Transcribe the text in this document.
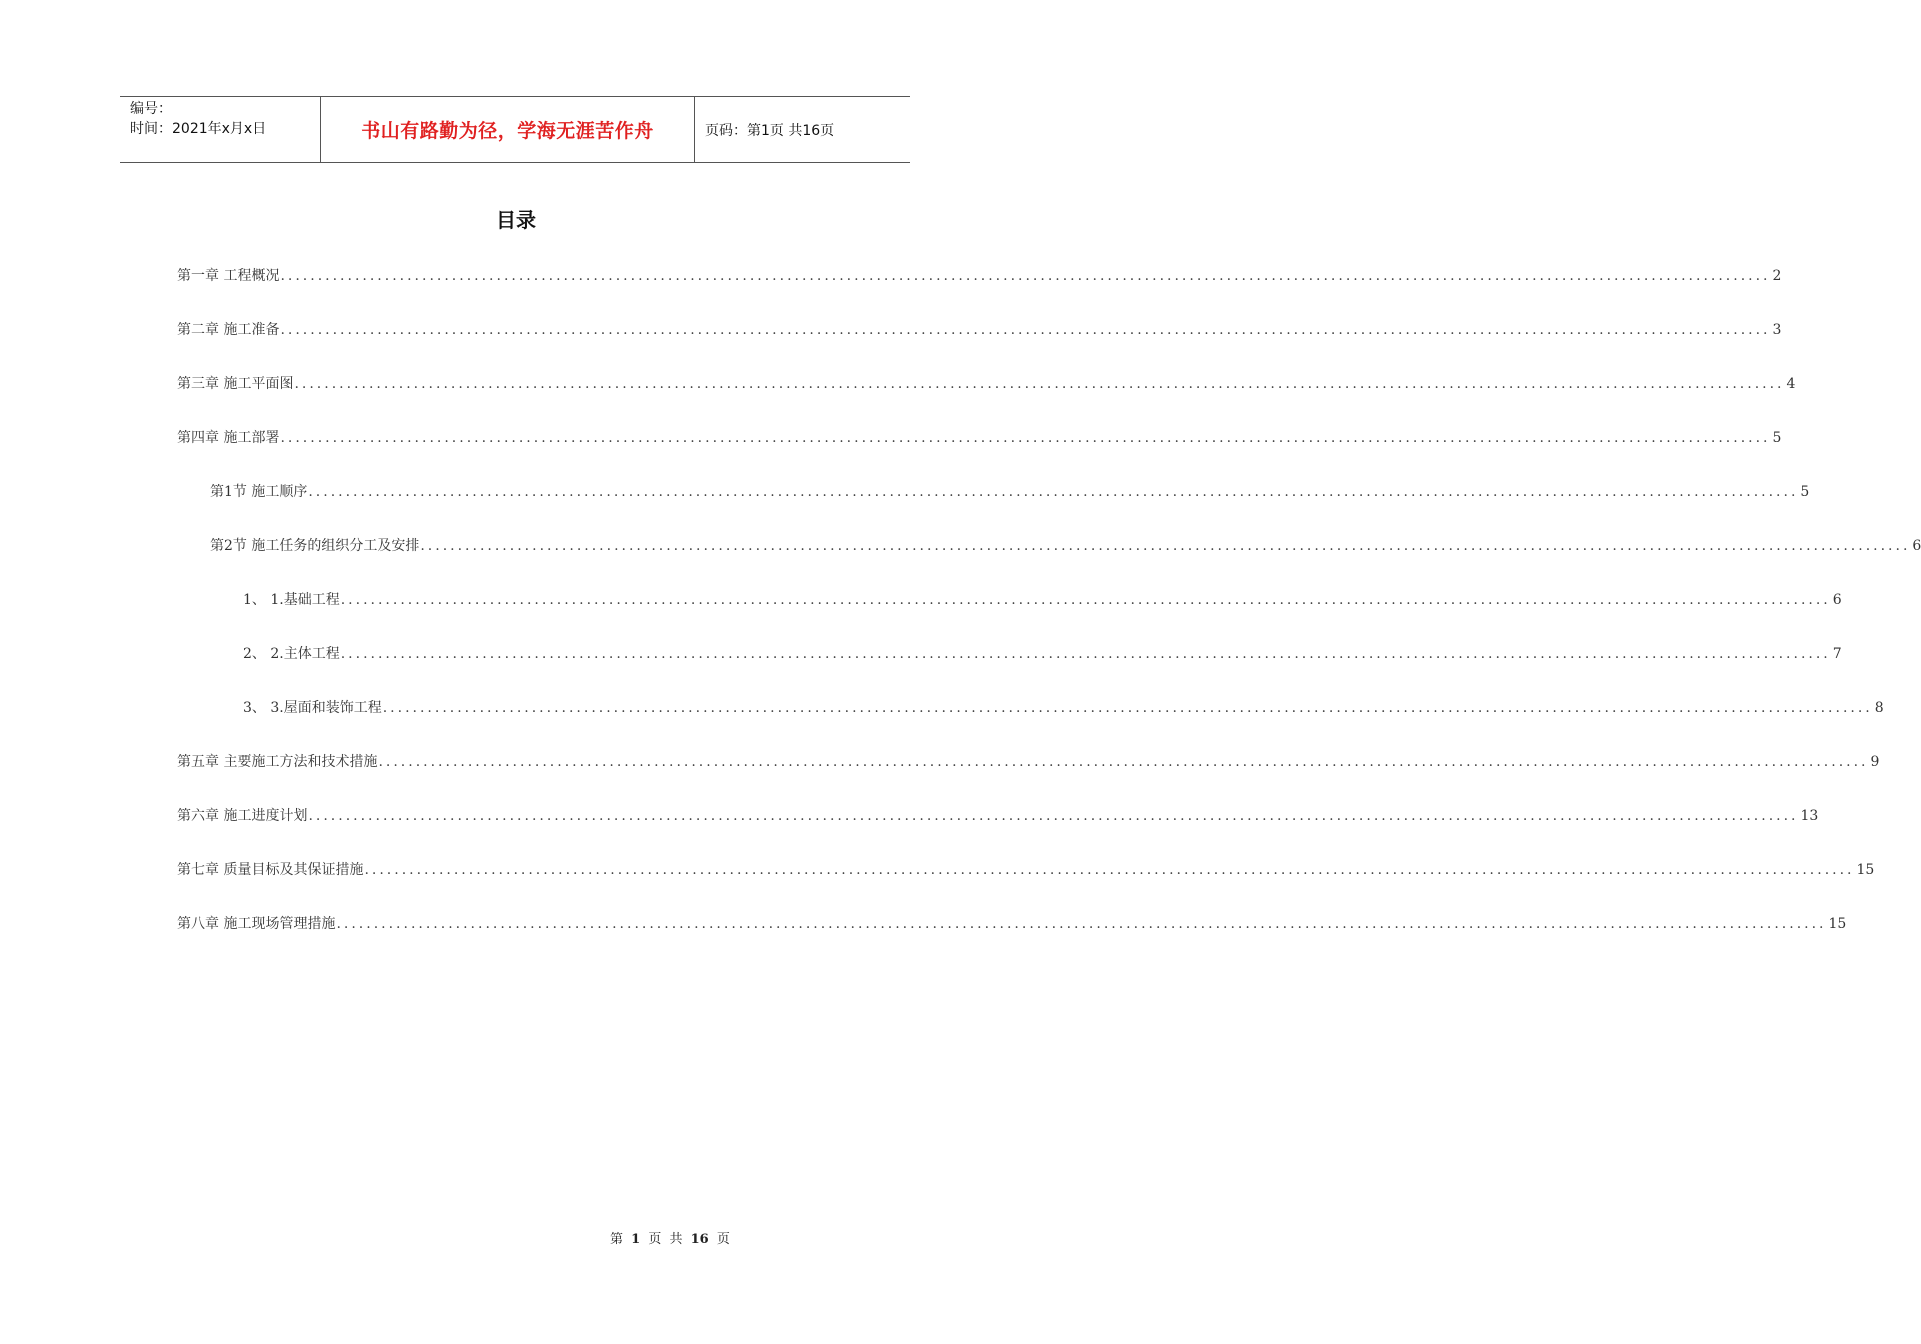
编号：
时间：2021年x月x日	书山有路勤为径，学海无涯苦作舟	页码：第1页 共16页
目录
第一章 工程概况 ........................................................................................................................................................................................................ 2
第二章 施工准备 ........................................................................................................................................................................................................ 3
第三章 施工平面图 ........................................................................................................................................................................................................ 4
第四章 施工部署 ........................................................................................................................................................................................................ 5
第1节 施工顺序 ........................................................................................................................................................................................................ 5
第2节 施工任务的组织分工及安排 ........................................................................................................................................................................................................ 6
1、 1.基础工程 ........................................................................................................................................................................................................ 6
2、 2.主体工程 ........................................................................................................................................................................................................ 7
3、 3.屋面和装饰工程 ........................................................................................................................................................................................................ 8
第五章 主要施工方法和技术措施 ........................................................................................................................................................................................................ 9
第六章 施工进度计划 ........................................................................................................................................................................................................ 13
第七章 质量目标及其保证措施 ........................................................................................................................................................................................................ 15
第八章 施工现场管理措施 ........................................................................................................................................................................................................ 15
第 1 页 共 16 页
